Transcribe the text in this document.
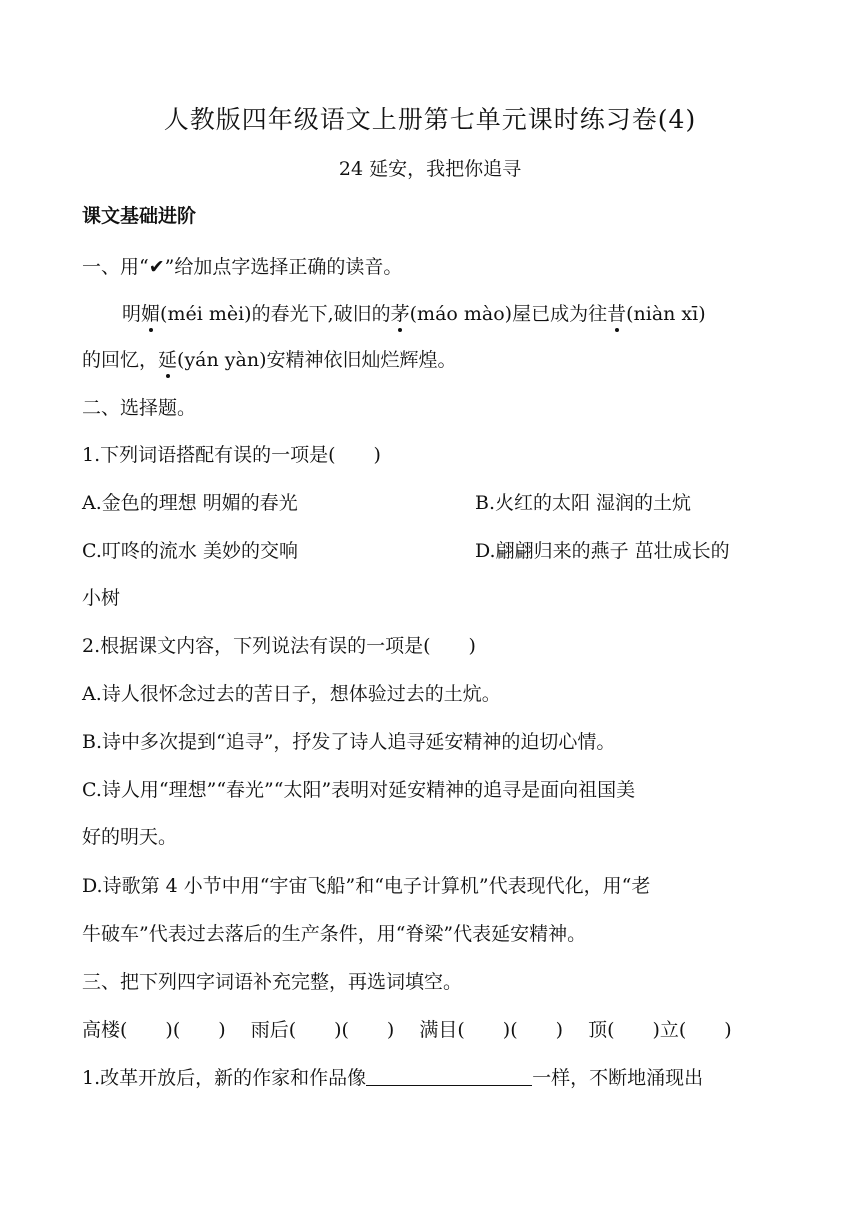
人教版四年级语文上册第七单元课时练习卷(4)
24 延安，我把你追寻
课文基础进阶
一、用“✔”给加点字选择正确的读音。
明媚(méi mèi)的春光下,破旧的茅(máo mào)屋已成为往昔(niàn xī)
的回忆，延(yán yàn)安精神依旧灿烂辉煌。
二、选择题。
1.下列词语搭配有误的一项是(　　)
A.金色的理想 明媚的春光	B.火红的太阳 湿润的土炕
C.叮咚的流水 美妙的交响	D.翩翩归来的燕子 茁壮成长的
小树
2.根据课文内容，下列说法有误的一项是(　　)
A.诗人很怀念过去的苦日子，想体验过去的土炕。
B.诗中多次提到“追寻”，抒发了诗人追寻延安精神的迫切心情。
C.诗人用“理想”“春光”“太阳”表明对延安精神的追寻是面向祖国美
好的明天。
D.诗歌第 4 小节中用“宇宙飞船”和“电子计算机”代表现代化，用“老
牛破车”代表过去落后的生产条件，用“脊梁”代表延安精神。
三、把下列四字词语补充完整，再选词填空。
高楼(　　)(　　)　 雨后(　　)(　　)　 满目(　　)(　　)　 顶(　　)立(　　)
1.改革开放后，新的作家和作品像	一样，不断地涌现出
